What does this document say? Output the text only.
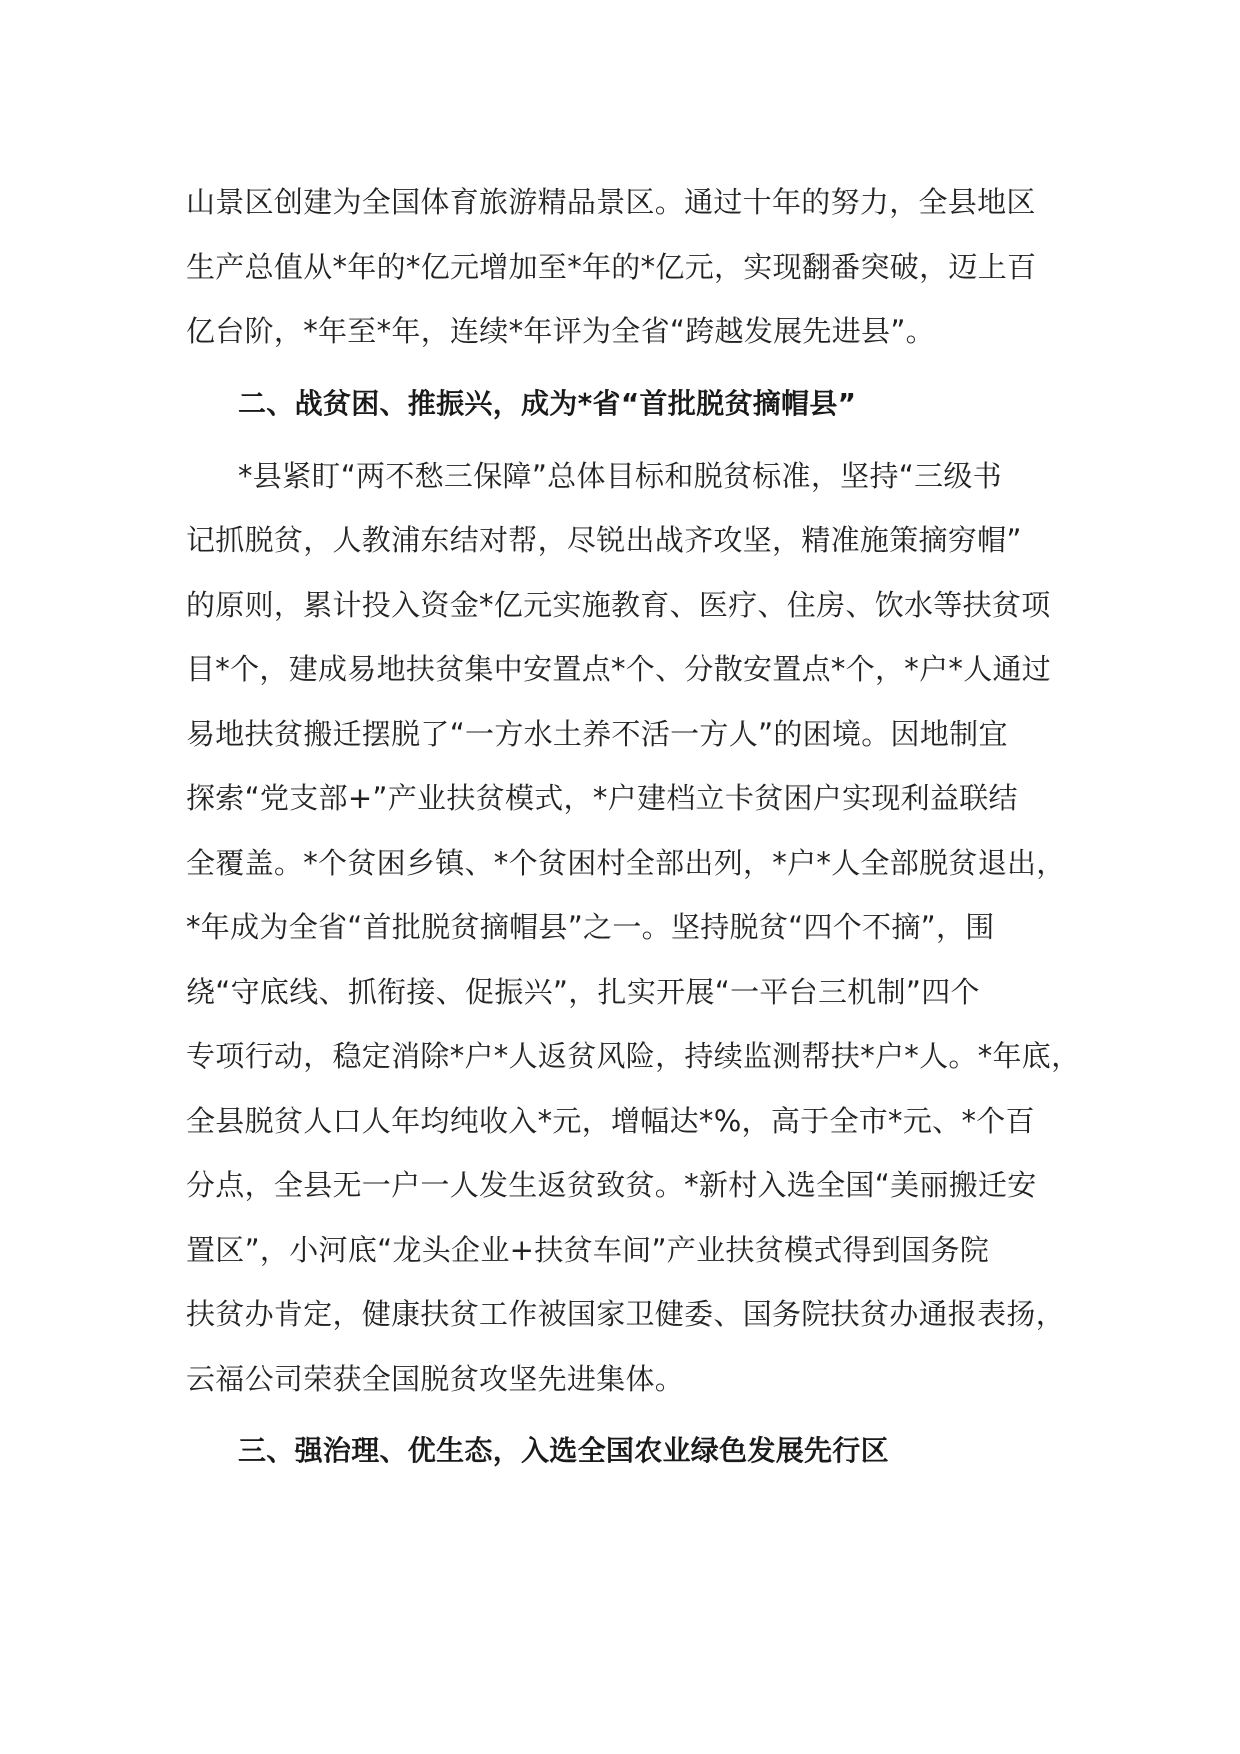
山景区创建为全国体育旅游精品景区。通过十年的努力，全县地区
生产总值从*年的*亿元增加至*年的*亿元，实现翻番突破，迈上百
亿台阶，*年至*年，连续*年评为全省“跨越发展先进县”。
二、战贫困、推振兴，成为*省“首批脱贫摘帽县”
*县紧盯“两不愁三保障”总体目标和脱贫标准，坚持“三级书
记抓脱贫，人教浦东结对帮，尽锐出战齐攻坚，精准施策摘穷帽”
的原则，累计投入资金*亿元实施教育、医疗、住房、饮水等扶贫项
目*个，建成易地扶贫集中安置点*个、分散安置点*个，*户*人通过
易地扶贫搬迁摆脱了“一方水土养不活一方人”的困境。因地制宜
探索“党支部+”产业扶贫模式，*户建档立卡贫困户实现利益联结
全覆盖。*个贫困乡镇、*个贫困村全部出列，*户*人全部脱贫退出，
*年成为全省“首批脱贫摘帽县”之一。坚持脱贫“四个不摘”，围
绕“守底线、抓衔接、促振兴”，扎实开展“一平台三机制”四个
专项行动，稳定消除*户*人返贫风险，持续监测帮扶*户*人。*年底，
全县脱贫人口人年均纯收入*元，增幅达*%，高于全市*元、*个百
分点，全县无一户一人发生返贫致贫。*新村入选全国“美丽搬迁安
置区”，小河底“龙头企业+扶贫车间”产业扶贫模式得到国务院
扶贫办肯定，健康扶贫工作被国家卫健委、国务院扶贫办通报表扬，
云福公司荣获全国脱贫攻坚先进集体。
三、强治理、优生态，入选全国农业绿色发展先行区
